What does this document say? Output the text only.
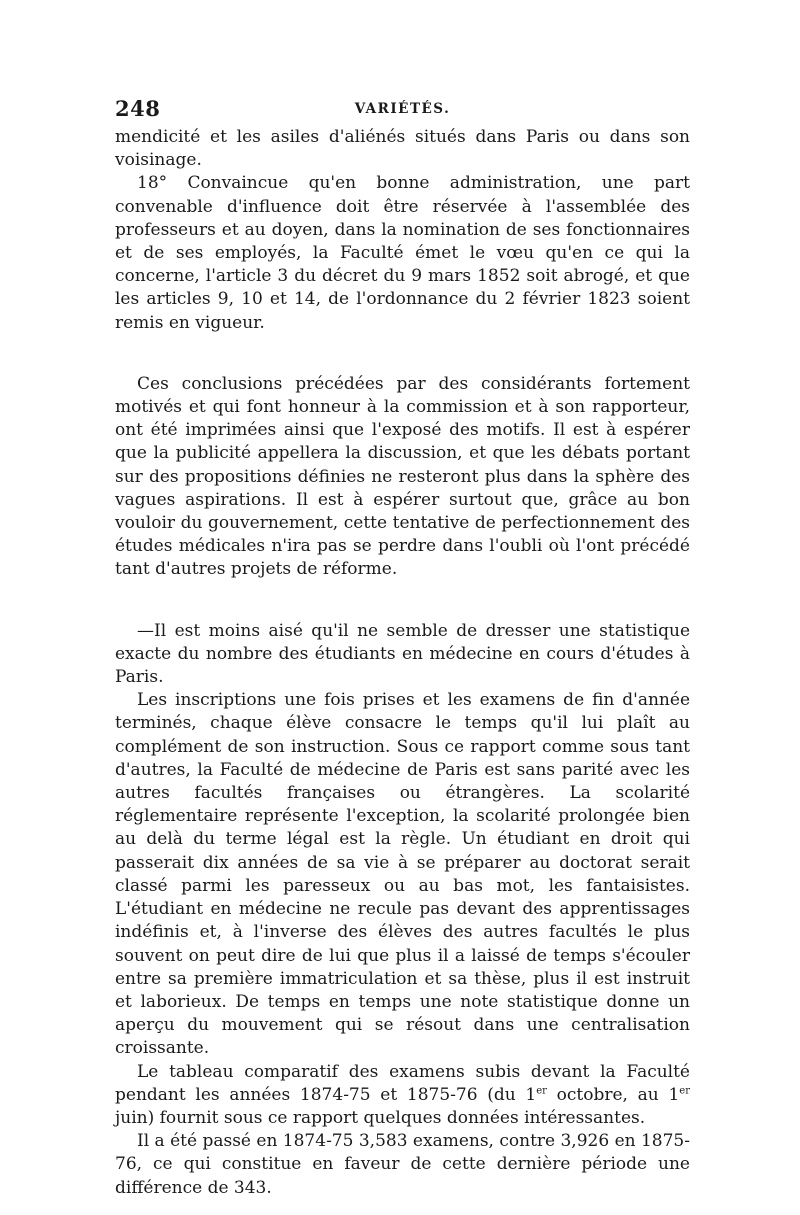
248	VARIÉTÉS.

mendicité et les asiles d'aliénés situés dans Paris ou dans son voisinage.

18° Convaincue qu'en bonne administration, une part convenable d'influence doit être réservée à l'assemblée des professeurs et au doyen, dans la nomination de ses fonctionnaires et de ses employés, la Faculté émet le vœu qu'en ce qui la concerne, l'article 3 du décret du 9 mars 1852 soit abrogé, et que les articles 9, 10 et 14, de l'ordonnance du 2 février 1823 soient remis en vigueur.

Ces conclusions précédées par des considérants fortement motivés et qui font honneur à la commission et à son rapporteur, ont été imprimées ainsi que l'exposé des motifs. Il est à espérer que la publicité appellera la discussion, et que les débats portant sur des propositions définies ne resteront plus dans la sphère des vagues aspirations. Il est à espérer surtout que, grâce au bon vouloir du gouvernement, cette tentative de perfectionnement des études médicales n'ira pas se perdre dans l'oubli où l'ont précédé tant d'autres projets de réforme.

—Il est moins aisé qu'il ne semble de dresser une statistique exacte du nombre des étudiants en médecine en cours d'études à Paris.

Les inscriptions une fois prises et les examens de fin d'année terminés, chaque élève consacre le temps qu'il lui plaît au complément de son instruction. Sous ce rapport comme sous tant d'autres, la Faculté de médecine de Paris est sans parité avec les autres facultés françaises ou étrangères. La scolarité réglementaire représente l'exception, la scolarité prolongée bien au delà du terme légal est la règle. Un étudiant en droit qui passerait dix années de sa vie à se préparer au doctorat serait classé parmi les paresseux ou au bas mot, les fantaisistes. L'étudiant en médecine ne recule pas devant des apprentissages indéfinis et, à l'inverse des élèves des autres facultés le plus souvent on peut dire de lui que plus il a laissé de temps s'écouler entre sa première immatriculation et sa thèse, plus il est instruit et laborieux. De temps en temps une note statistique donne un aperçu du mouvement qui se résout dans une centralisation croissante.

Le tableau comparatif des examens subis devant la Faculté pendant les années 1874-75 et 1875-76 (du 1er octobre, au 1er juin) fournit sous ce rapport quelques données intéressantes.

Il a été passé en 1874-75 3,583 examens, contre 3,926 en 1875-76, ce qui constitue en faveur de cette dernière période une différence de 343.
